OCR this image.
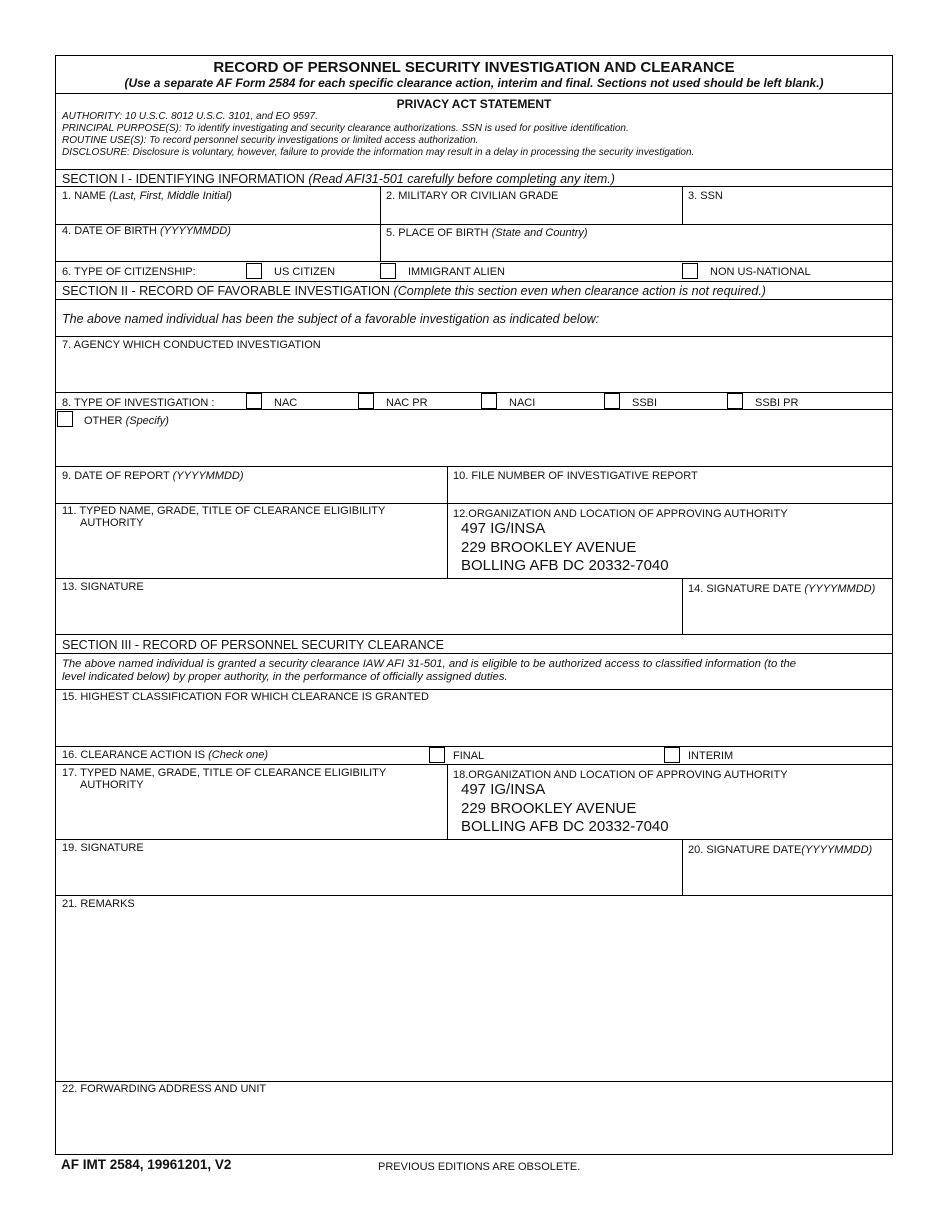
RECORD OF PERSONNEL SECURITY INVESTIGATION AND CLEARANCE
(Use a separate AF Form 2584 for each specific clearance action, interim and final. Sections not used should be left blank.)
PRIVACY ACT STATEMENT
AUTHORITY: 10 U.S.C. 8012 U.S.C. 3101, and EO 9597.
PRINCIPAL PURPOSE(S): To identify investigating and security clearance authorizations. SSN is used for positive identification.
ROUTINE USE(S): To record personnel security investigations or limited access authorization.
DISCLOSURE: Disclosure is voluntary, however, failure to provide the information may result in a delay in processing the security investigation.
SECTION I - IDENTIFYING INFORMATION (Read AFI31-501 carefully before completing any item.)
1. NAME (Last, First, Middle Initial)	2. MILITARY OR CIVILIAN GRADE	3. SSN
4. DATE OF BIRTH (YYYYMMDD)	5. PLACE OF BIRTH (State and Country)
6. TYPE OF CITIZENSHIP:	US CITIZEN	IMMIGRANT ALIEN	NON US-NATIONAL
SECTION II - RECORD OF FAVORABLE INVESTIGATION (Complete this section even when clearance action is not required.)
The above named individual has been the subject of a favorable investigation as indicated below:
7. AGENCY WHICH CONDUCTED INVESTIGATION
8. TYPE OF INVESTIGATION :	NAC	NAC PR	NACI	SSBI	SSBI PR
OTHER (Specify)
9. DATE OF REPORT (YYYYMMDD)	10. FILE NUMBER OF INVESTIGATIVE REPORT
11. TYPED NAME, GRADE, TITLE OF CLEARANCE ELIGIBILITY
AUTHORITY
12.ORGANIZATION AND LOCATION OF APPROVING AUTHORITY
497 IG/INSA
229 BROOKLEY AVENUE
BOLLING AFB DC 20332-7040
13. SIGNATURE	14. SIGNATURE DATE (YYYYMMDD)
SECTION III - RECORD OF PERSONNEL SECURITY CLEARANCE
The above named individual is granted a security clearance IAW AFI 31-501, and is eligible to be authorized access to classified information (to the
level indicated below) by proper authority, in the performance of officially assigned duties.
15. HIGHEST CLASSIFICATION FOR WHICH CLEARANCE IS GRANTED
16. CLEARANCE ACTION IS (Check one)	FINAL	INTERIM
17. TYPED NAME, GRADE, TITLE OF CLEARANCE ELIGIBILITY
AUTHORITY
18.ORGANIZATION AND LOCATION OF APPROVING AUTHORITY
497 IG/INSA
229 BROOKLEY AVENUE
BOLLING AFB DC 20332-7040
19. SIGNATURE	20. SIGNATURE DATE(YYYYMMDD)
21. REMARKS
22. FORWARDING ADDRESS AND UNIT
AF IMT 2584, 19961201, V2	PREVIOUS EDITIONS ARE OBSOLETE.
